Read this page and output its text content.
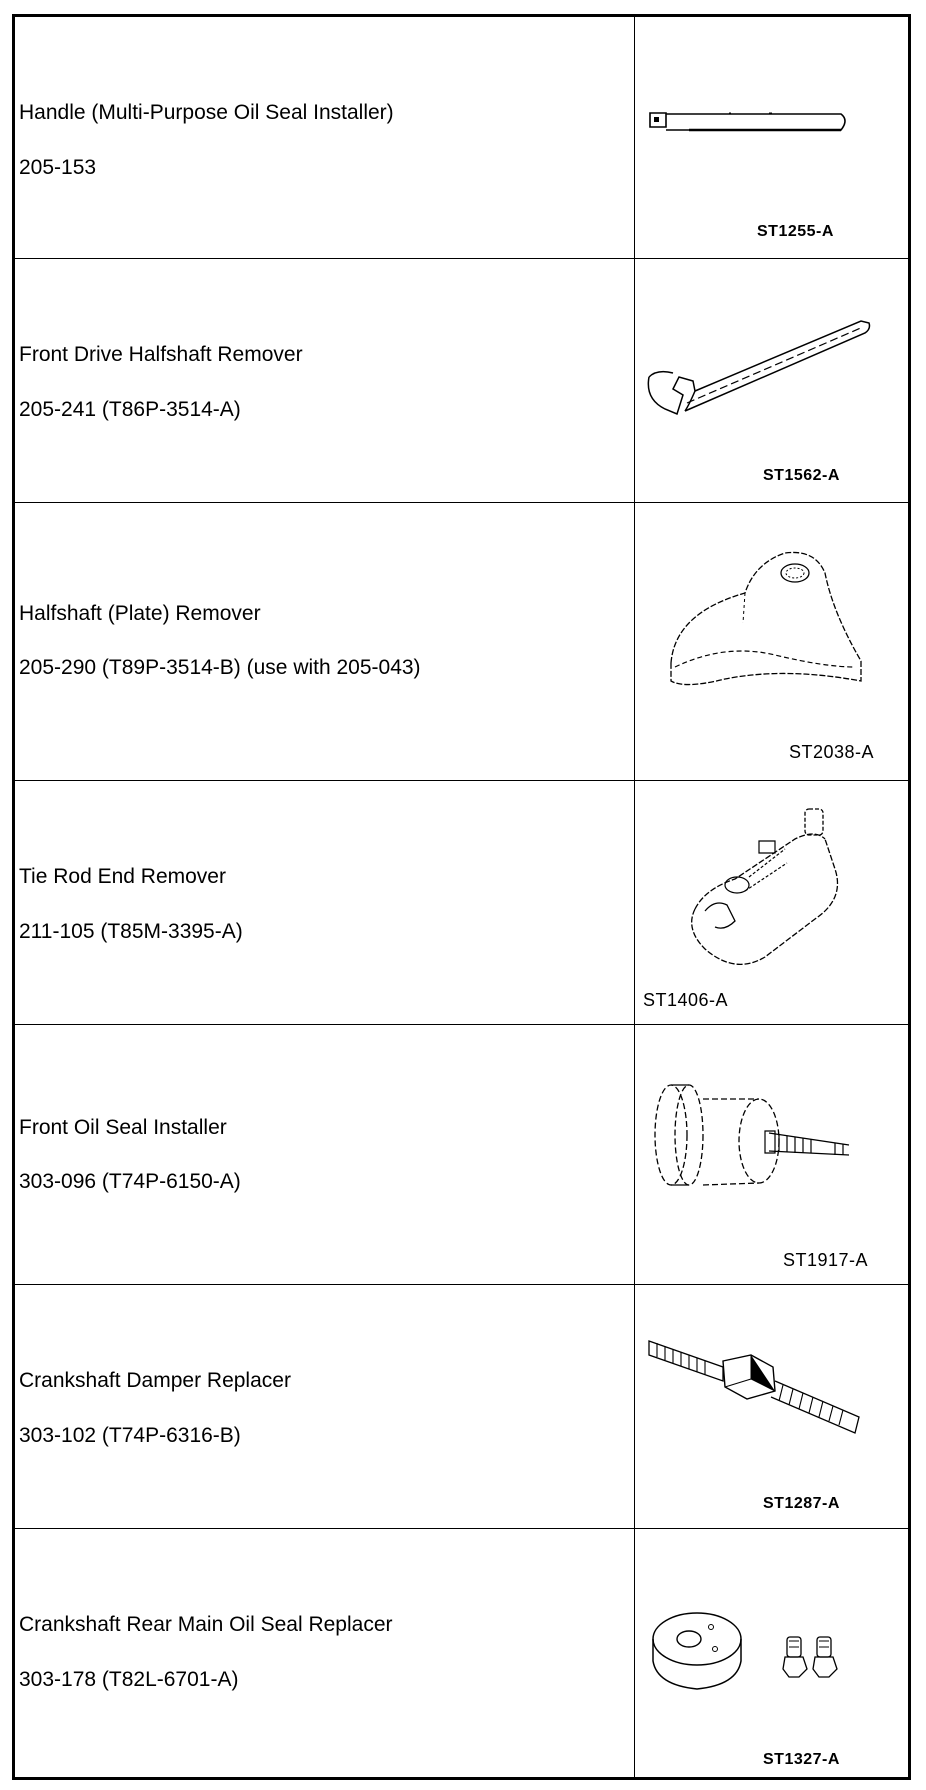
Handle (Multi-Purpose Oil Seal Installer)
205-153
ST1255-A
Front Drive Halfshaft Remover
205-241 (T86P-3514-A)
ST1562-A
Halfshaft (Plate) Remover
205-290 (T89P-3514-B) (use with 205-043)
ST2038-A
Tie Rod End Remover
211-105 (T85M-3395-A)
ST1406-A
Front Oil Seal Installer
303-096 (T74P-6150-A)
ST1917-A
Crankshaft Damper Replacer
303-102 (T74P-6316-B)
ST1287-A
Crankshaft Rear Main Oil Seal Replacer
303-178 (T82L-6701-A)
ST1327-A
